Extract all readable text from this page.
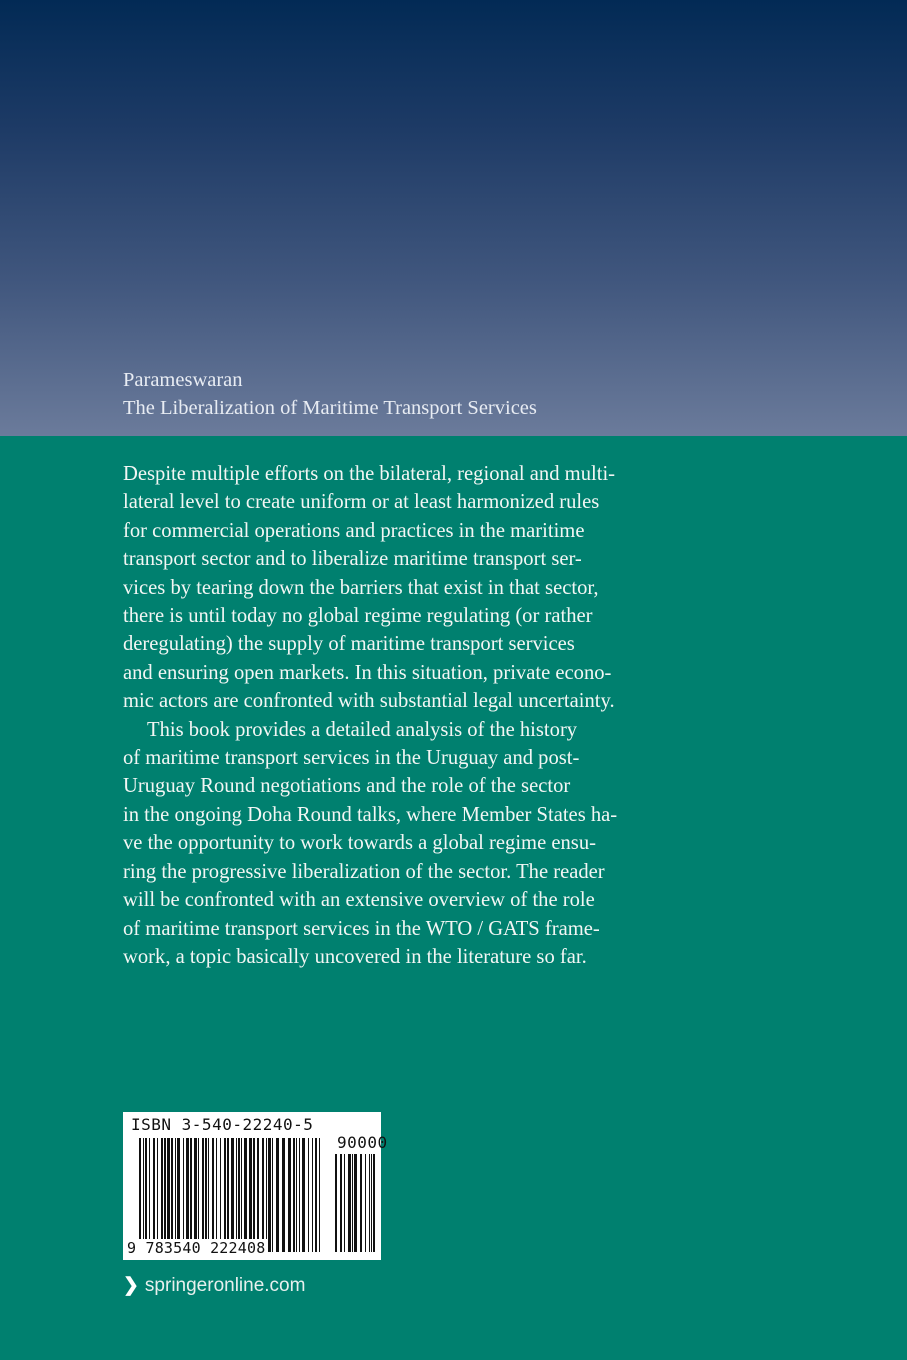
Parameswaran
The Liberalization of Maritime Transport Services
Despite multiple efforts on the bilateral, regional and multi-
lateral level to create uniform or at least harmonized rules
for commercial operations and practices in the maritime
transport sector and to liberalize maritime transport ser-
vices by tearing down the barriers that exist in that sector,
there is until today no global regime regulating (or rather
deregulating) the supply of maritime transport services
and ensuring open markets. In this situation, private econo-
mic actors are confronted with substantial legal uncertainty.
This book provides a detailed analysis of the history
of maritime transport services in the Uruguay and post-
Uruguay Round negotiations and the role of the sector
in the ongoing Doha Round talks, where Member States ha-
ve the opportunity to work towards a global regime ensu-
ring the progressive liberalization of the sector. The reader
will be confronted with an extensive overview of the role
of maritime transport services in the WTO / GATS frame-
work, a topic basically uncovered in the literature so far.
ISBN 3-540-22240-5
90000
9 783540 222408
❯ springeronline.com
